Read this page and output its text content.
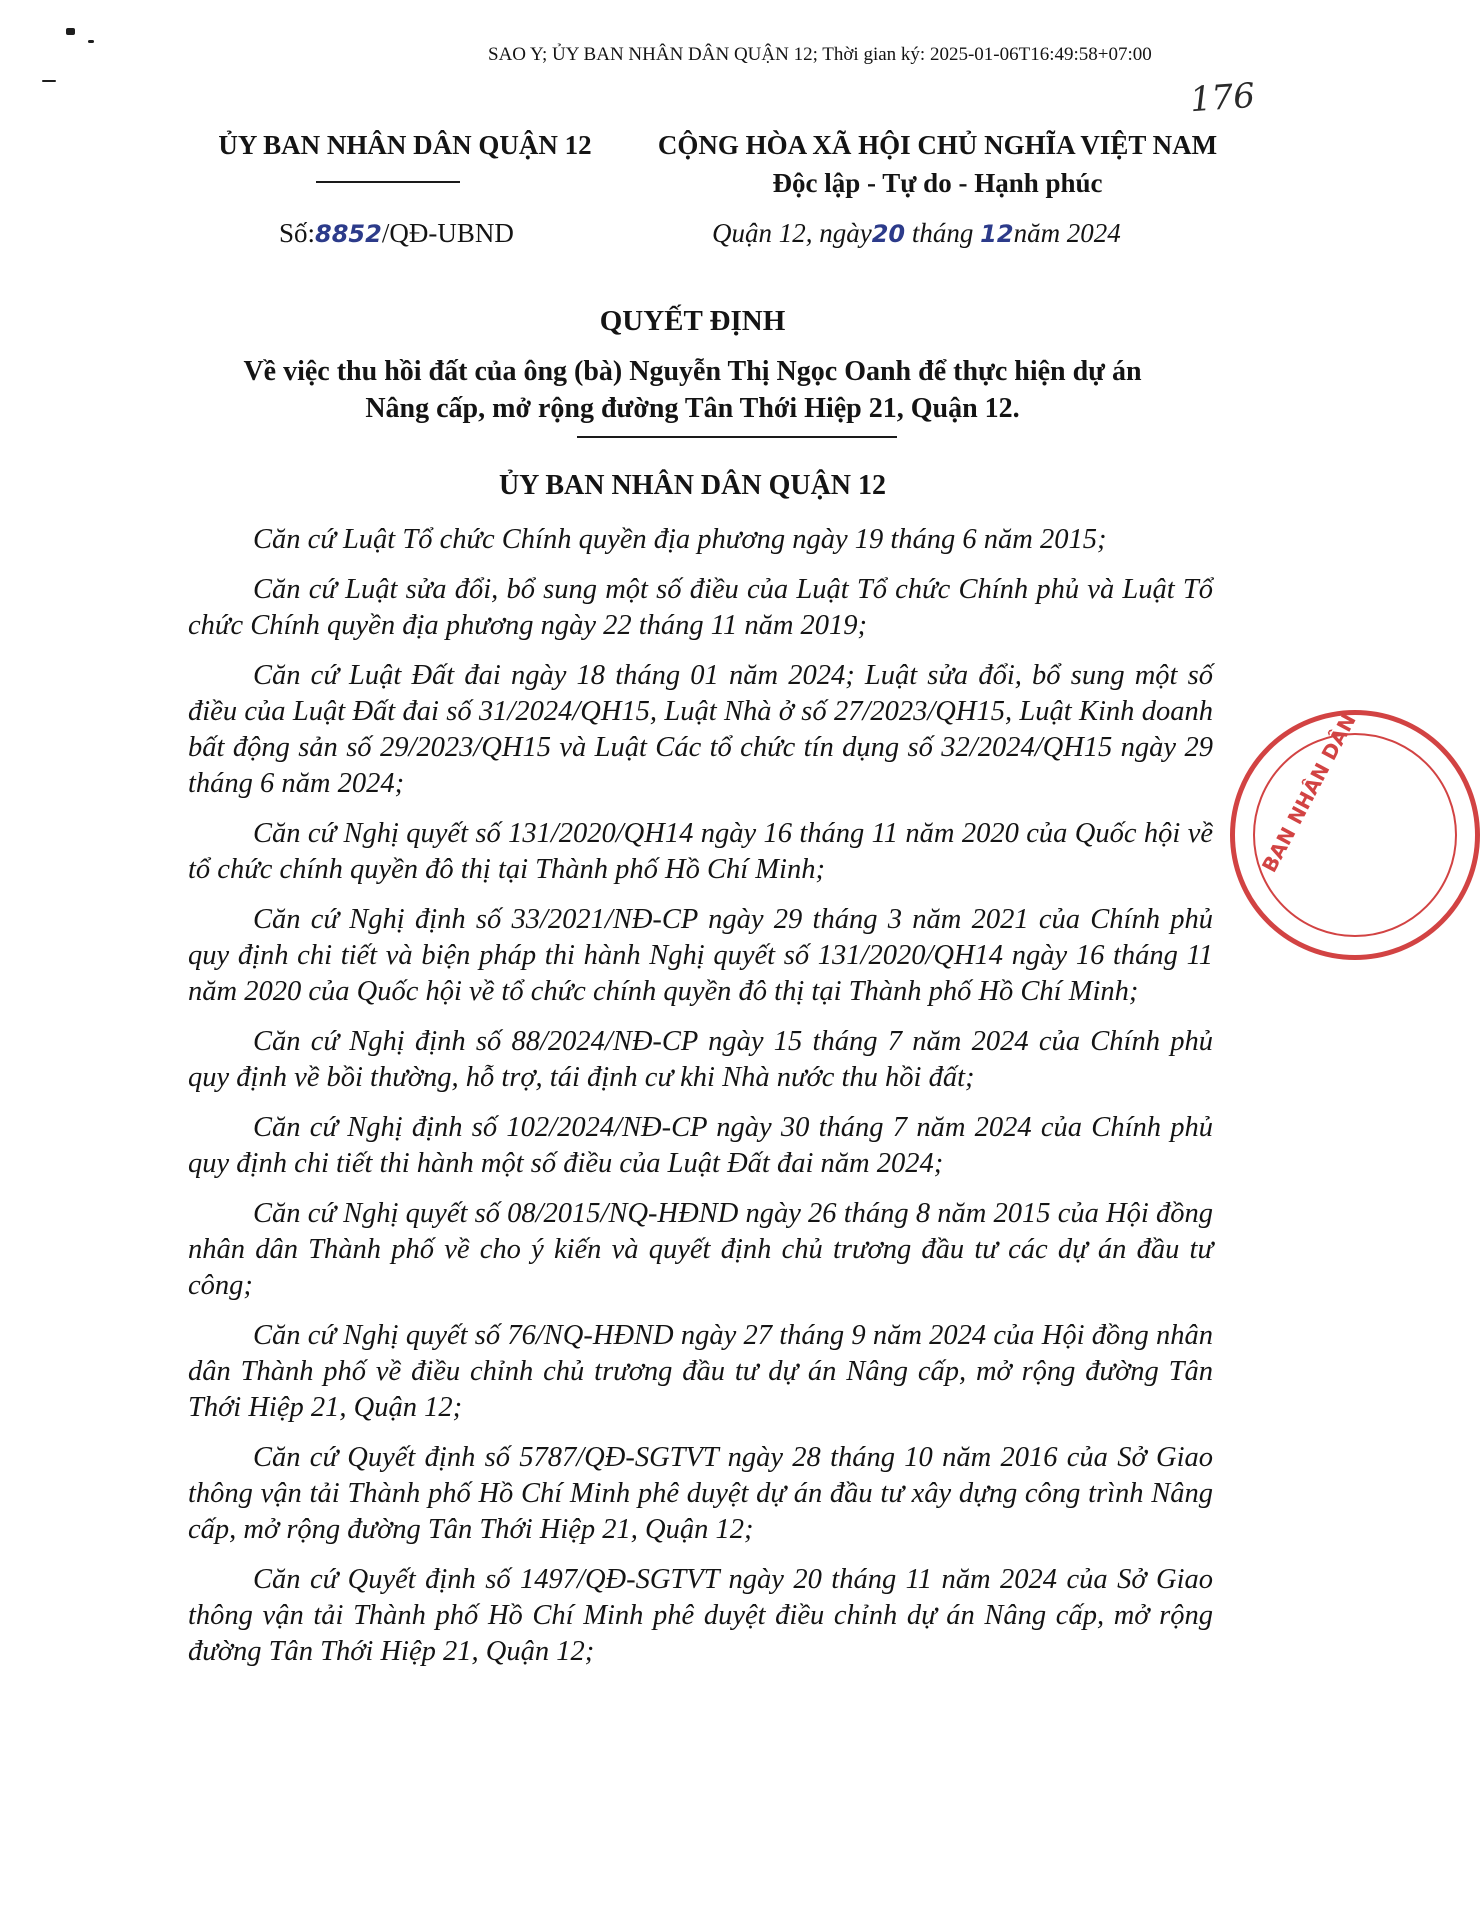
SAO Y; ỦY BAN NHÂN DÂN QUẬN 12; Thời gian ký: 2025-01-06T16:49:58+07:00
176
ỦY BAN NHÂN DÂN QUẬN 12	CỘNG HÒA XÃ HỘI CHỦ NGHĨA VIỆT NAM
Độc lập - Tự do - Hạnh phúc
Số:8852/QĐ-UBND	Quận 12, ngày20 tháng 12năm 2024
QUYẾT ĐỊNH
Về việc thu hồi đất của ông (bà) Nguyễn Thị Ngọc Oanh để thực hiện dự án
Nâng cấp, mở rộng đường Tân Thới Hiệp 21, Quận 12.
ỦY BAN NHÂN DÂN QUẬN 12

Căn cứ Luật Tổ chức Chính quyền địa phương ngày 19 tháng 6 năm 2015;

Căn cứ Luật sửa đổi, bổ sung một số điều của Luật Tổ chức Chính phủ và Luật Tổ chức Chính quyền địa phương ngày 22 tháng 11 năm 2019;

Căn cứ Luật Đất đai ngày 18 tháng 01 năm 2024; Luật sửa đổi, bổ sung một số điều của Luật Đất đai số 31/2024/QH15, Luật Nhà ở số 27/2023/QH15, Luật Kinh doanh bất động sản số 29/2023/QH15 và Luật Các tổ chức tín dụng số 32/2024/QH15 ngày 29 tháng 6 năm 2024;

Căn cứ Nghị quyết số 131/2020/QH14 ngày 16 tháng 11 năm 2020 của Quốc hội về tổ chức chính quyền đô thị tại Thành phố Hồ Chí Minh;

Căn cứ Nghị định số 33/2021/NĐ-CP ngày 29 tháng 3 năm 2021 của Chính phủ quy định chi tiết và biện pháp thi hành Nghị quyết số 131/2020/QH14 ngày 16 tháng 11 năm 2020 của Quốc hội về tổ chức chính quyền đô thị tại Thành phố Hồ Chí Minh;

Căn cứ Nghị định số 88/2024/NĐ-CP ngày 15 tháng 7 năm 2024 của Chính phủ quy định về bồi thường, hỗ trợ, tái định cư khi Nhà nước thu hồi đất;

Căn cứ Nghị định số 102/2024/NĐ-CP ngày 30 tháng 7 năm 2024 của Chính phủ quy định chi tiết thi hành một số điều của Luật Đất đai năm 2024;

Căn cứ Nghị quyết số 08/2015/NQ-HĐND ngày 26 tháng 8 năm 2015 của Hội đồng nhân dân Thành phố về cho ý kiến và quyết định chủ trương đầu tư các dự án đầu tư công;

Căn cứ Nghị quyết số 76/NQ-HĐND ngày 27 tháng 9 năm 2024 của Hội đồng nhân dân Thành phố về điều chỉnh chủ trương đầu tư dự án Nâng cấp, mở rộng đường Tân Thới Hiệp 21, Quận 12;

Căn cứ Quyết định số 5787/QĐ-SGTVT ngày 28 tháng 10 năm 2016 của Sở Giao thông vận tải Thành phố Hồ Chí Minh phê duyệt dự án đầu tư xây dựng công trình Nâng cấp, mở rộng đường Tân Thới Hiệp 21, Quận 12;

Căn cứ Quyết định số 1497/QĐ-SGTVT ngày 20 tháng 11 năm 2024 của Sở Giao thông vận tải Thành phố Hồ Chí Minh phê duyệt điều chỉnh dự án Nâng cấp, mở rộng đường Tân Thới Hiệp 21, Quận 12;

BAN NHÂN DÂN
